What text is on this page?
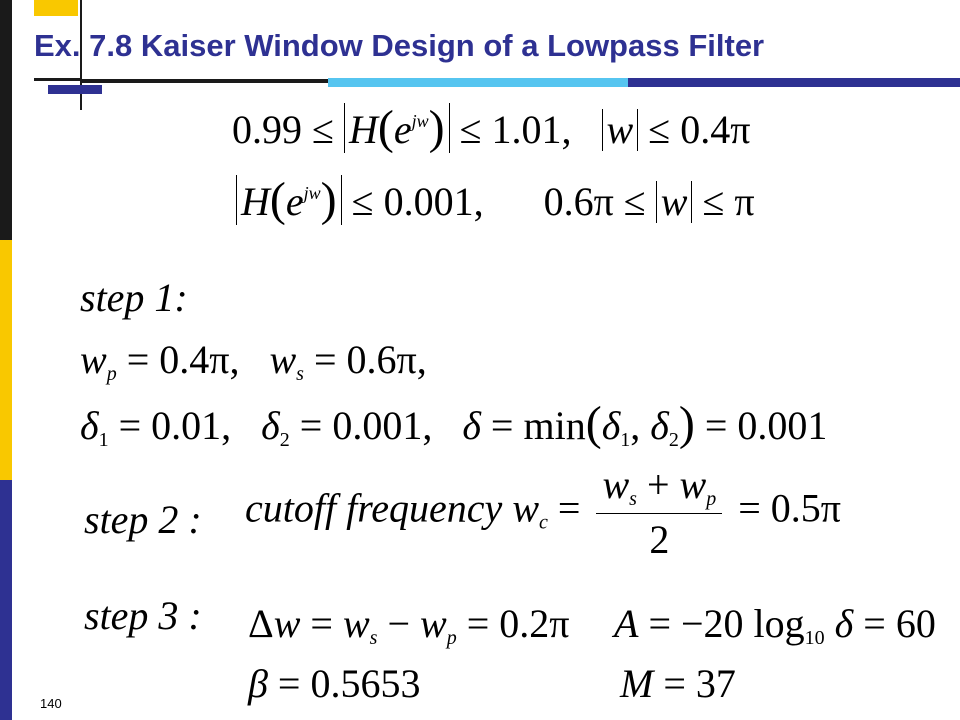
Ex. 7.8 Kaiser Window Design of a Lowpass Filter
$0.99 \le H(e^{jw}) \le 1.01$, w ≤ 0.4π
$H(e^{jw}) \le 0.001$, 0.6π ≤ w ≤ π
step 1:
$w_p = 0.4\pi$, $w_s = 0.6\pi$,
$\delta_1 = 0.01$, $\delta_2 = 0.001$, $\delta = \min(\delta_1$, $\delta_2) = 0.001$
step 2 : cutoff frequency $w_c = \frac{w_s + w_p}{2} = 0.5\pi$
step 3 : $\Delta w = w_s - w_p = 0.2\pi$ A = −20 $\log_{10} \delta = 60$
β = 0.5653	M = 37
140
